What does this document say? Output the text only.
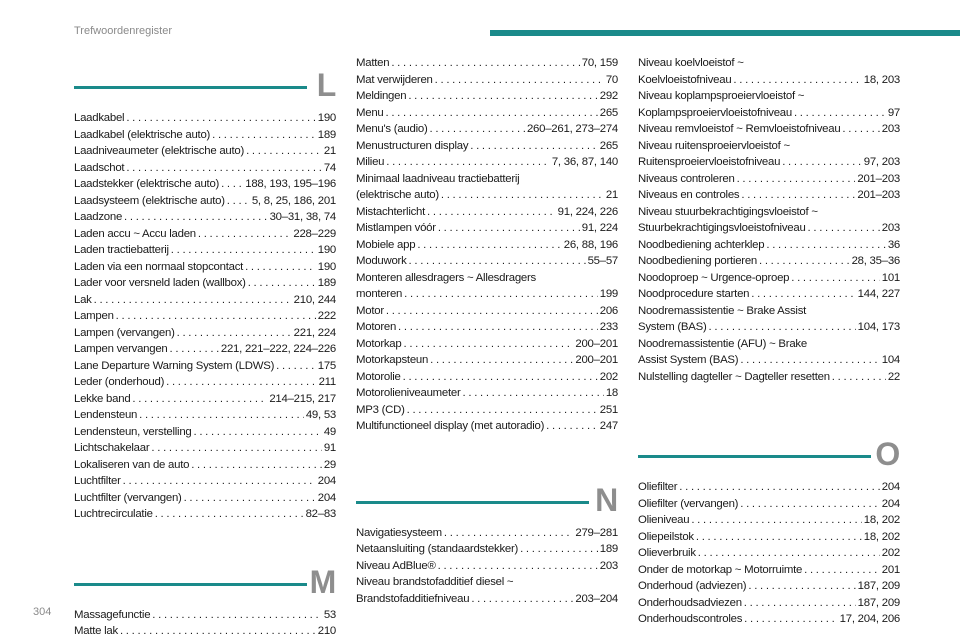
Trefwoordenregister
304
L
Laadkabel . . .	190
Laadkabel (elektrische auto) . . .	189
Laadniveaumeter (elektrische auto) . . .	21
Laadschot . . .	74
Laadstekker (elektrische auto) . . . 188, 193, 195–196
Laadsysteem (elektrische auto) . . . 5, 8, 25, 186, 201
Laadzone . . .	30–31, 38, 74
Laden accu ~ Accu laden . . .	228–229
Laden tractiebatterij . . .	190
Laden via een normaal stopcontact . . .	190
Lader voor versneld laden (wallbox) . . .	189
Lak . . .	210, 244
Lampen . . .	222
Lampen (vervangen) . . .	221, 224
Lampen vervangen . . .	221, 221–222, 224–226
Lane Departure Warning System (LDWS) . . .	175
Leder (onderhoud) . . .	211
Lekke band . . .	214–215, 217
Lendensteun . . .	49, 53
Lendensteun, verstelling . . .	49
Lichtschakelaar . . .	91
Lokaliseren van de auto . . .	29
Luchtfilter . . .	204
Luchtfilter (vervangen) . . .	204
Luchtrecirculatie . . .	82–83
M
Massagefunctie . . .	53
Matte lak . . .	210
Matten . . .	70, 159
Mat verwijderen . . .	70
Meldingen . . .	292
Menu . . .	265
Menu's (audio) . . .	260–261, 273–274
Menustructuren display . . .	265
Milieu . . .	7, 36, 87, 140
Minimaal laadniveau tractiebatterij
(elektrische auto) . . .	21
Mistachterlicht . . .	91, 224, 226
Mistlampen vóór . . .	91, 224
Mobiele app . . .	26, 88, 196
Moduwork . . .	55–57
Monteren allesdragers ~ Allesdragers
monteren . . .	199
Motor . . .	206
Motoren . . .	233
Motorkap . . .	200–201
Motorkapsteun . . .	200–201
Motorolie . . .	202
Motorolieniveaumeter . . .	18
MP3 (CD) . . .	251
Multifunctioneel display (met autoradio) . . .	247
N
Navigatiesysteem . . .	279–281
Netaansluiting (standaardstekker) . . .	189
Niveau AdBlue® . . .	203
Niveau brandstofadditief diesel ~
Brandstofadditiefniveau . . .	203–204
Niveau koelvloeistof ~
Koelvloeistofniveau . . .	18, 203
Niveau koplampsproeiervloeistof ~
Koplampsproeiervloeistofniveau . . .	97
Niveau remvloeistof ~ Remvloeistofniveau . . .	203
Niveau ruitensproeiervloeistof ~
Ruitensproeiervloeistofniveau . . .	97, 203
Niveaus controleren . . .	201–203
Niveaus en controles . . .	201–203
Niveau stuurbekrachtigingsvloeistof ~
Stuurbekrachtigingsvloeistofniveau . . .	203
Noodbediening achterklep . . .	36
Noodbediening portieren . . .	28, 35–36
Noodoproep ~ Urgence-oproep . . .	101
Noodprocedure starten . . .	144, 227
Noodremassistentie ~ Brake Assist
System (BAS) . . .	104, 173
Noodremassistentie (AFU) ~ Brake
Assist System (BAS) . . .	104
Nulstelling dagteller ~ Dagteller resetten . . .	22
O
Oliefilter . . .	204
Oliefilter (vervangen) . . .	204
Olieniveau . . .	18, 202
Oliepeilstok . . .	18, 202
Olieverbruik . . .	202
Onder de motorkap ~ Motorruimte . . .	201
Onderhoud (adviezen) . . .	187, 209
Onderhoudsadviezen . . .	187, 209
Onderhoudscontroles . . .	17, 204, 206
